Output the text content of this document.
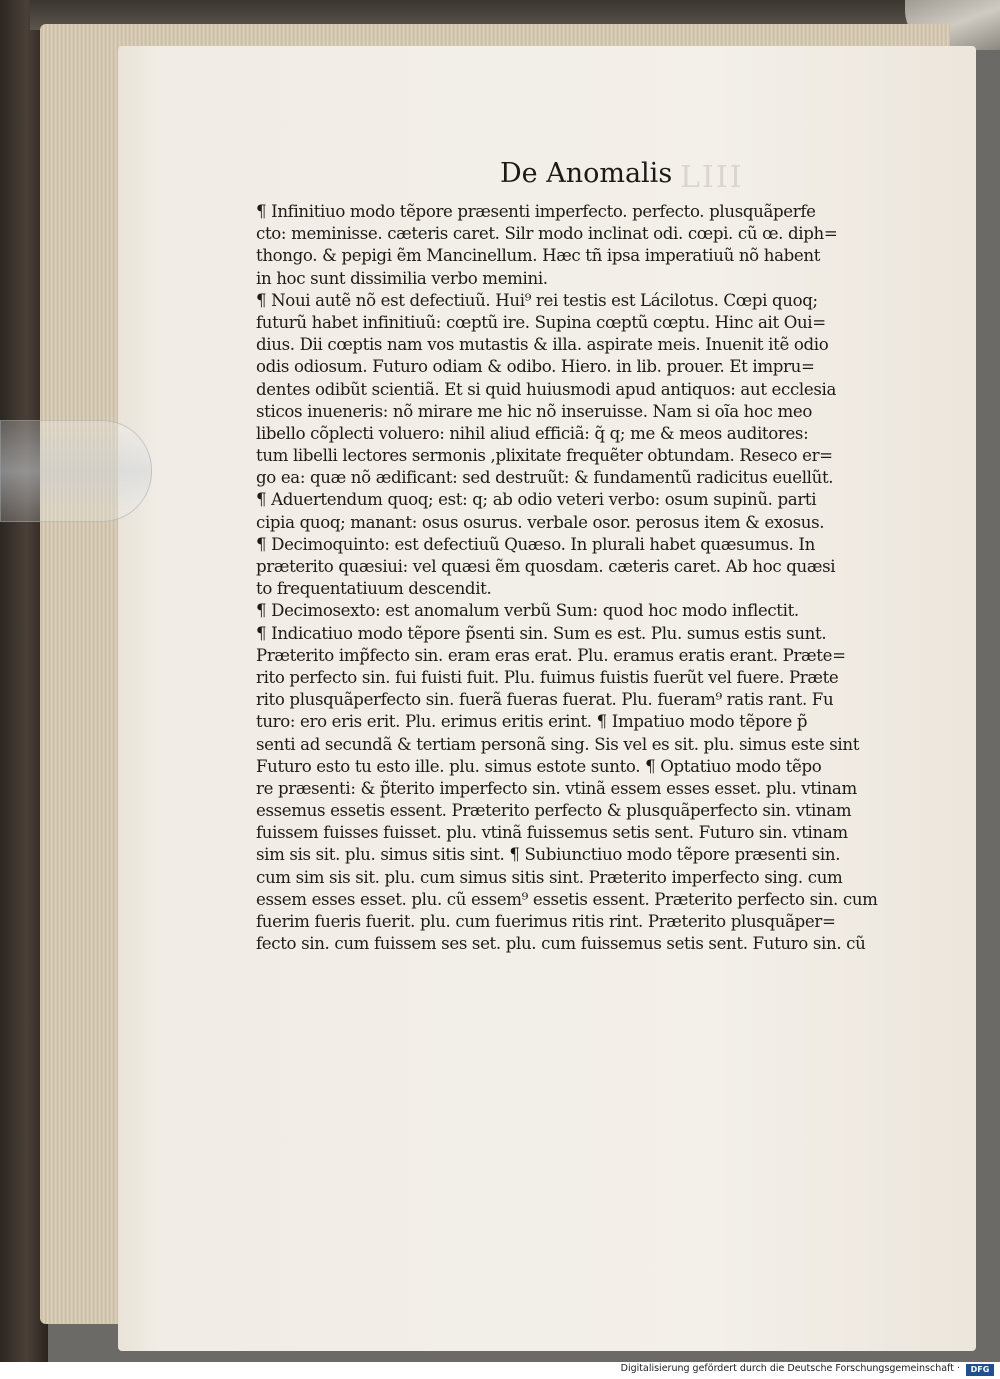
LIII
De Anomalis
¶ Infinitiuo modo tẽpore præsenti imperfecto. perfecto. plusquãperfe
cto: meminisse. cæteris caret. Silr modo inclinat odi. cœpi. cũ œ. diph=
thongo. & pepigi ẽm Mancinellum. Hæc tñ ipsa imperatiuũ nõ habent
in hoc sunt dissimilia verbo memini.
¶ Noui autẽ nõ est defectiuũ. Hui⁹ rei testis est Lácilotus. Cœpi quoq;
futurũ habet infinitiuũ: cœptũ ire. Supina cœptũ cœptu. Hinc ait Oui=
dius. Dii cœptis nam vos mutastis & illa. aspirate meis. Inuenit itẽ odio
odis odiosum. Futuro odiam & odibo. Hiero. in lib. prouer. Et impru=
dentes odibũt scientiã. Et si quid huiusmodi apud antiquos: aut ecclesia
sticos inueneris: nõ mirare me hic nõ inseruisse. Nam si oĩa hoc meo
libello cõplecti voluero: nihil aliud efficiã: q̃ q; me & meos auditores:
tum libelli lectores sermonis ,plixitate frequẽter obtundam. Reseco er=
go ea: quæ nõ ædificant: sed destruũt: & fundamentũ radicitus euellũt.
¶ Aduertendum quoq; est: q; ab odio veteri verbo: osum supinũ. parti
cipia quoq; manant: osus osurus. verbale osor. perosus item & exosus.
¶ Decimoquinto: est defectiuũ Quæso. In plurali habet quæsumus. In
præterito quæsiui: vel quæsi ẽm quosdam. cæteris caret. Ab hoc quæsi
to frequentatiuum descendit.
¶ Decimosexto: est anomalum verbũ Sum: quod hoc modo inflectit.
¶ Indicatiuo modo tẽpore p̃senti sin. Sum es est. Plu. sumus estis sunt.
Præterito imp̃fecto sin. eram eras erat. Plu. eramus eratis erant. Præte=
rito perfecto sin. fui fuisti fuit. Plu. fuimus fuistis fuerũt vel fuere. Præte
rito plusquãperfecto sin. fuerã fueras fuerat. Plu. fueram⁹ ratis rant. Fu
turo: ero eris erit. Plu. erimus eritis erint. ¶ Impatiuo modo tẽpore p̃
senti ad secundã & tertiam personã sing. Sis vel es sit. plu. simus este sint
Futuro esto tu esto ille. plu. simus estote sunto. ¶ Optatiuo modo tẽpo
re præsenti: & p̃terito imperfecto sin. vtinã essem esses esset. plu. vtinam
essemus essetis essent. Præterito perfecto & plusquãperfecto sin. vtinam
fuissem fuisses fuisset. plu. vtinã fuissemus setis sent. Futuro sin. vtinam
sim sis sit. plu. simus sitis sint. ¶ Subiunctiuo modo tẽpore præsenti sin.
cum sim sis sit. plu. cum simus sitis sint. Præterito imperfecto sing. cum
essem esses esset. plu. cũ essem⁹ essetis essent. Præterito perfecto sin. cum
fuerim fueris fuerit. plu. cum fuerimus ritis rint. Præterito plusquãper=
fecto sin. cum fuissem ses set. plu. cum fuissemus setis sent. Futuro sin. cũ
Digitalisierung gefördert durch die Deutsche Forschungsgemeinschaft ·	DFG
